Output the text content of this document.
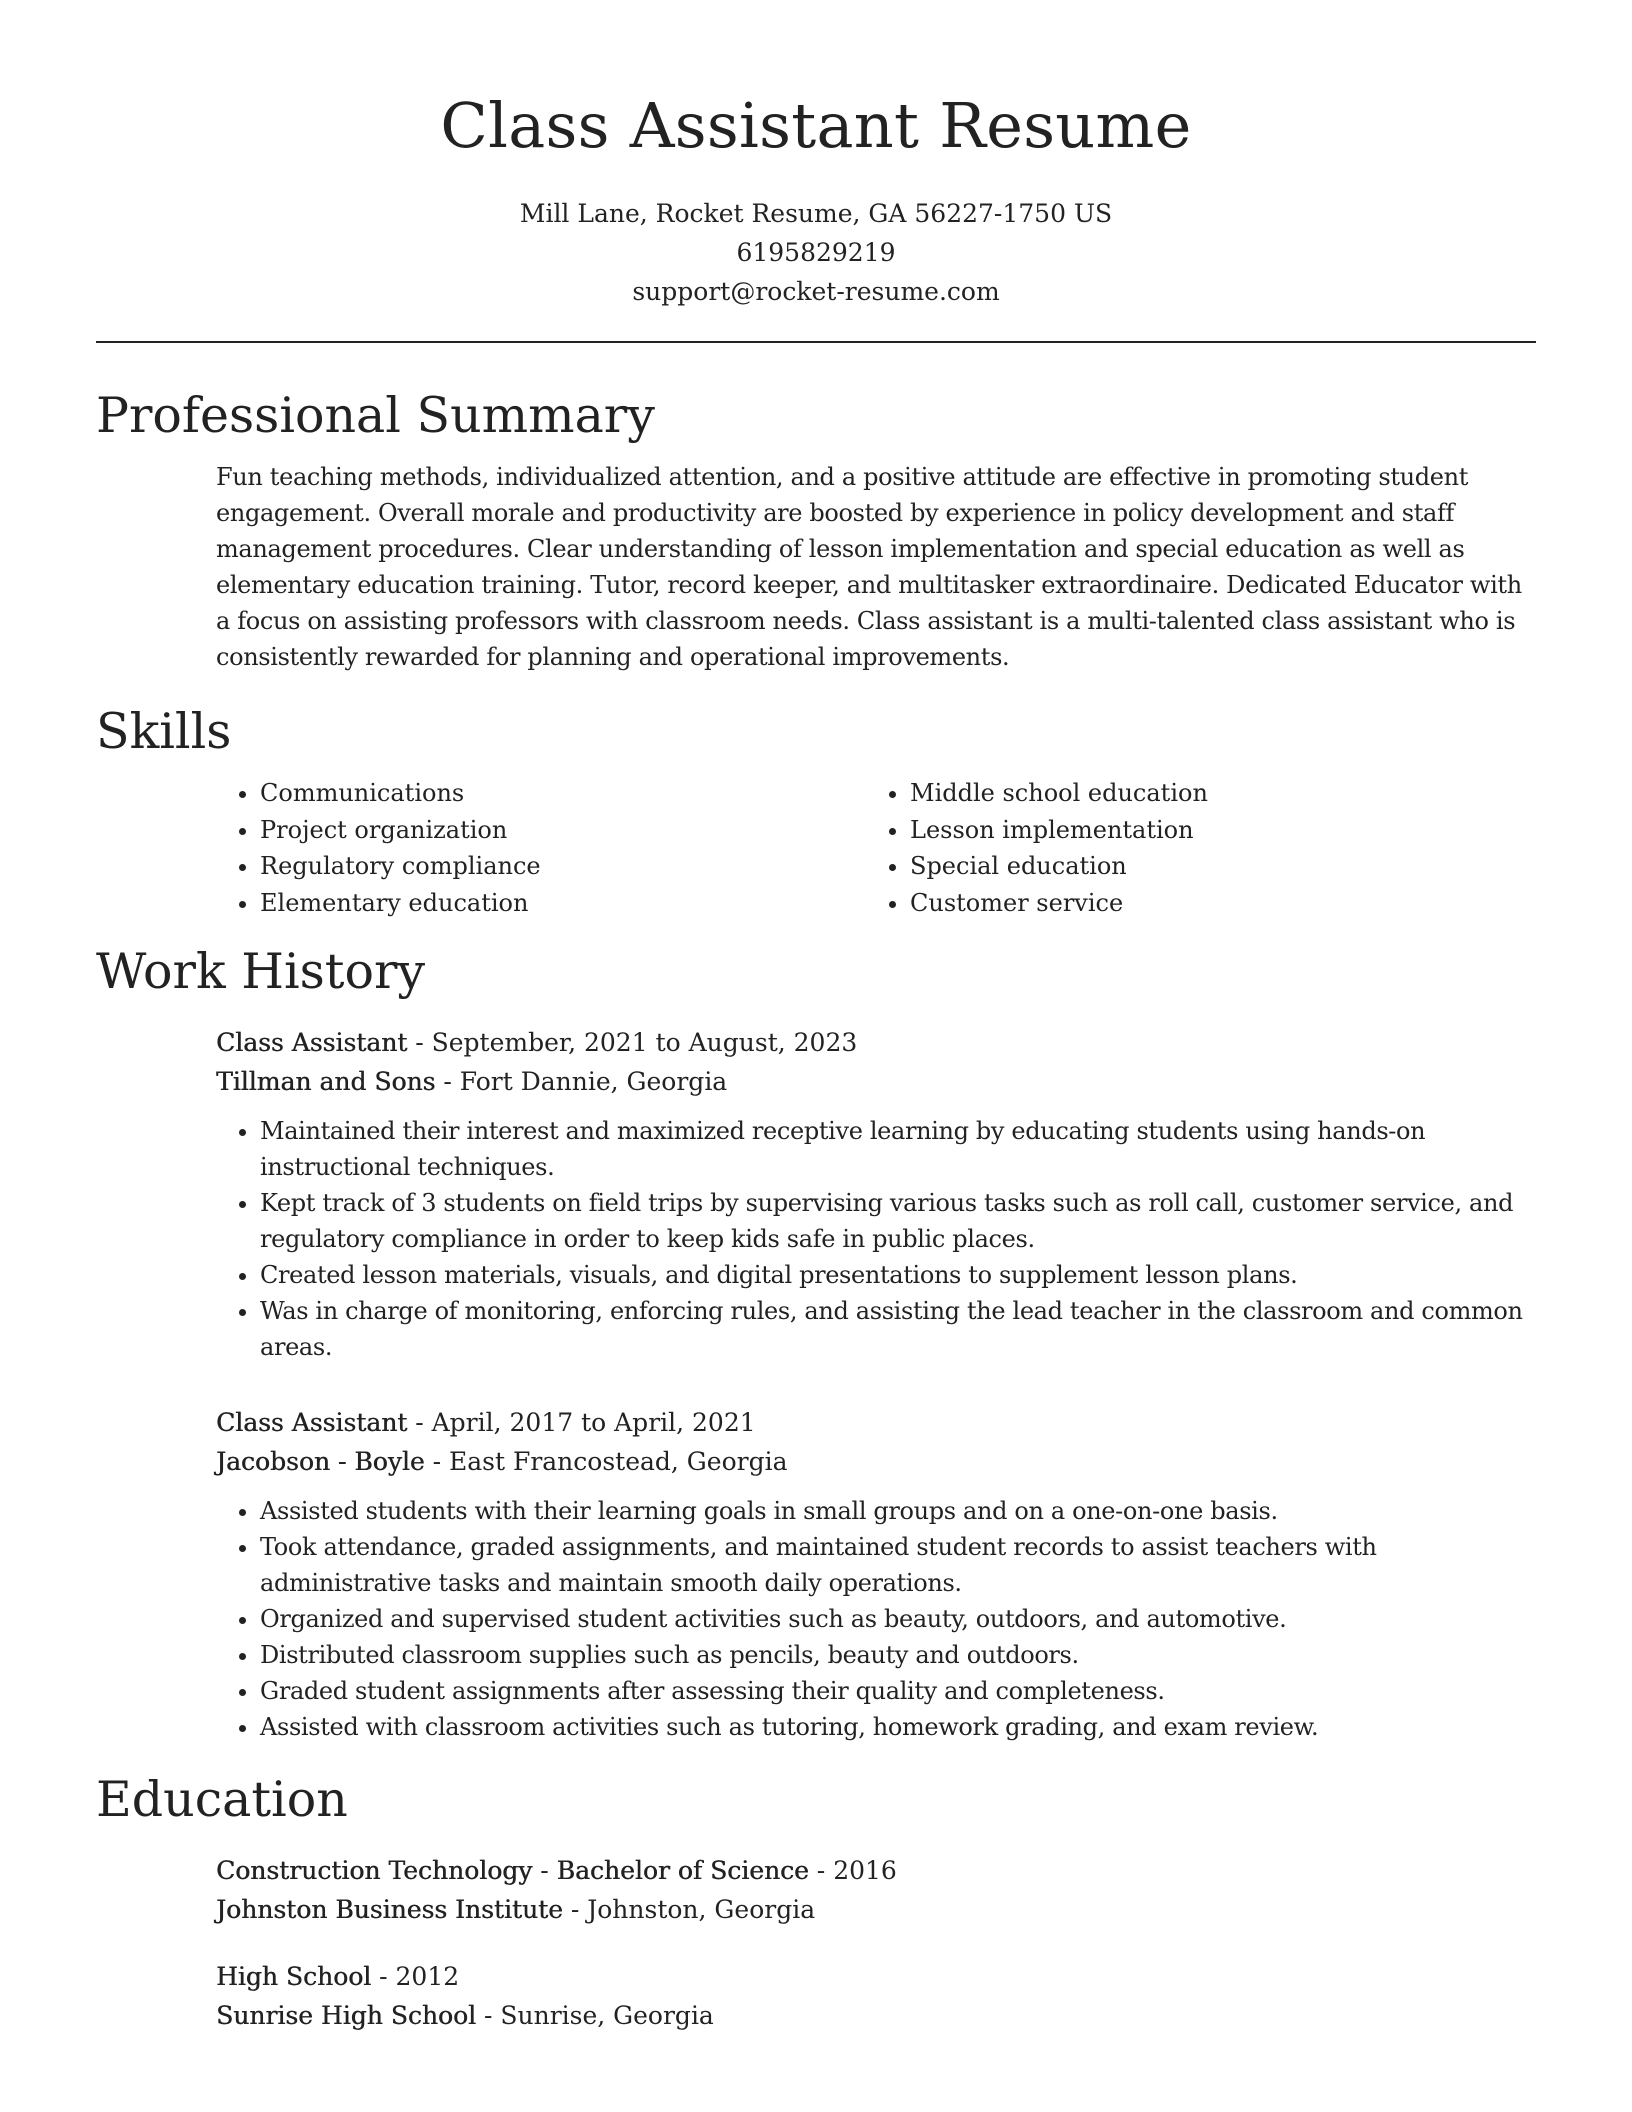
Class Assistant Resume
Mill Lane, Rocket Resume, GA 56227-1750 US
6195829219
support@rocket-resume.com
Professional Summary
Fun teaching methods, individualized attention, and a positive attitude are effective in promoting student engagement. Overall morale and productivity are boosted by experience in policy development and staff management procedures. Clear understanding of lesson implementation and special education as well as elementary education training. Tutor, record keeper, and multitasker extraordinaire. Dedicated Educator with a focus on assisting professors with classroom needs. Class assistant is a multi-talented class assistant who is consistently rewarded for planning and operational improvements.
Skills
• Communications
• Project organization
• Regulatory compliance
• Elementary education
• Middle school education
• Lesson implementation
• Special education
• Customer service
Work History

Class Assistant - September, 2021 to August, 2023

Tillman and Sons - Fort Dannie, Georgia

• Maintained their interest and maximized receptive learning by educating students using hands-on instructional techniques.
• Kept track of 3 students on field trips by supervising various tasks such as roll call, customer service, and regulatory compliance in order to keep kids safe in public places.
• Created lesson materials, visuals, and digital presentations to supplement lesson plans.
• Was in charge of monitoring, enforcing rules, and assisting the lead teacher in the classroom and common areas.

Class Assistant - April, 2017 to April, 2021

Jacobson - Boyle - East Francostead, Georgia

• Assisted students with their learning goals in small groups and on a one-on-one basis.
• Took attendance, graded assignments, and maintained student records to assist teachers with administrative tasks and maintain smooth daily operations.
• Organized and supervised student activities such as beauty, outdoors, and automotive.
• Distributed classroom supplies such as pencils, beauty and outdoors.
• Graded student assignments after assessing their quality and completeness.
• Assisted with classroom activities such as tutoring, homework grading, and exam review.
Education

Construction Technology - Bachelor of Science - 2016

Johnston Business Institute - Johnston, Georgia

High School - 2012

Sunrise High School - Sunrise, Georgia
